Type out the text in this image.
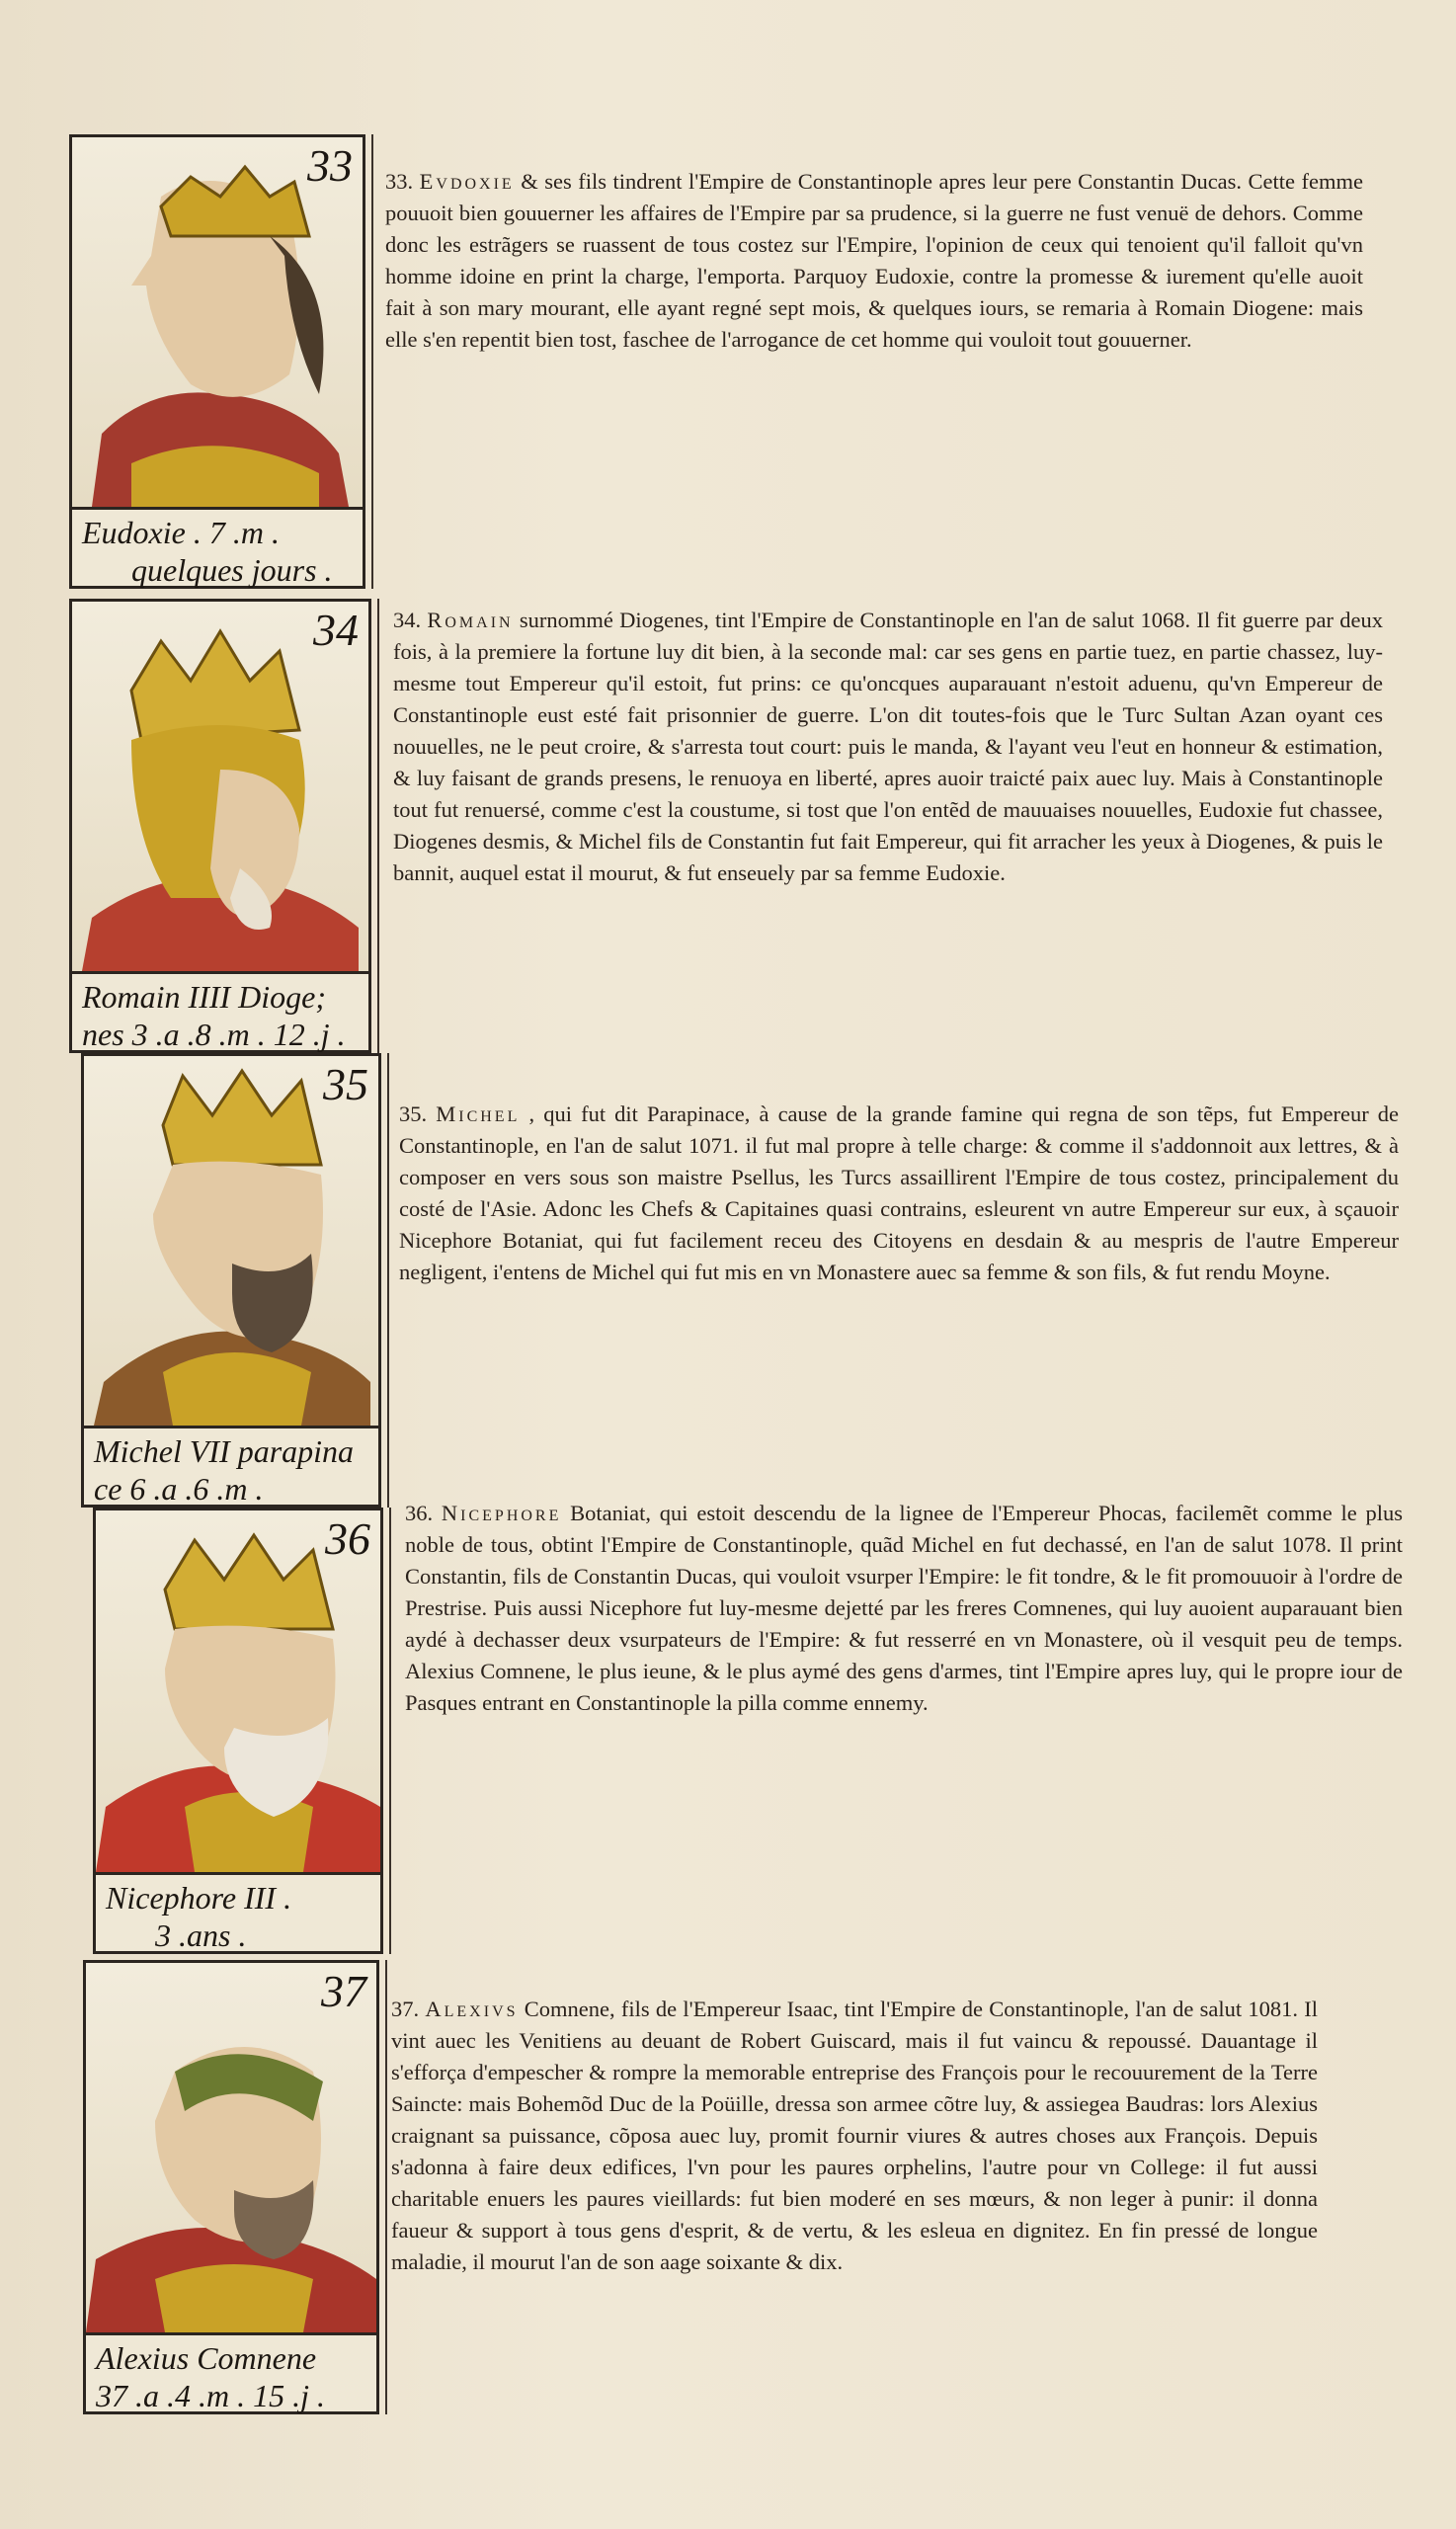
33
Eudoxie . 7 .m .
quelques jours .
33. Evdoxie & ses fils tindrent l'Empire de Constantinople apres leur pere Constantin Ducas. Cette femme pouuoit bien gouuerner les affaires de l'Empire par sa prudence, si la guerre ne fust venuë de dehors. Comme donc les estrãgers se ruassent de tous costez sur l'Empire, l'opinion de ceux qui tenoient qu'il falloit qu'vn homme idoine en print la charge, l'emporta. Parquoy Eudoxie, contre la promesse & iurement qu'elle auoit fait à son mary mourant, elle ayant regné sept mois, & quelques iours, se remaria à Romain Diogene: mais elle s'en repentit bien tost, faschee de l'arrogance de cet homme qui vouloit tout gouuerner.
34
Romain IIII Dioge;
nes 3 .a .8 .m . 12 .j .
34. Romain surnommé Diogenes, tint l'Empire de Constantinople en l'an de salut 1068. Il fit guerre par deux fois, à la premiere la fortune luy dit bien, à la seconde mal: car ses gens en partie tuez, en partie chassez, luy-mesme tout Empereur qu'il estoit, fut prins: ce qu'oncques auparauant n'estoit aduenu, qu'vn Empereur de Constantinople eust esté fait prisonnier de guerre. L'on dit toutes-fois que le Turc Sultan Azan oyant ces nouuelles, ne le peut croire, & s'arresta tout court: puis le manda, & l'ayant veu l'eut en honneur & estimation, & luy faisant de grands presens, le renuoya en liberté, apres auoir traicté paix auec luy. Mais à Constantinople tout fut renuersé, comme c'est la coustume, si tost que l'on entẽd de mauuaises nouuelles, Eudoxie fut chassee, Diogenes desmis, & Michel fils de Constantin fut fait Empereur, qui fit arracher les yeux à Diogenes, & puis le bannit, auquel estat il mourut, & fut enseuely par sa femme Eudoxie.
35
Michel VII parapina
ce 6 .a .6 .m .
35. Michel , qui fut dit Parapinace, à cause de la grande famine qui regna de son tẽps, fut Empereur de Constantinople, en l'an de salut 1071. il fut mal propre à telle charge: & comme il s'addonnoit aux lettres, & à composer en vers sous son maistre Psellus, les Turcs assaillirent l'Empire de tous costez, principalement du costé de l'Asie. Adonc les Chefs & Capitaines quasi contrains, esleurent vn autre Empereur sur eux, à sçauoir Nicephore Botaniat, qui fut facilement receu des Citoyens en desdain & au mespris de l'autre Empereur negligent, i'entens de Michel qui fut mis en vn Monastere auec sa femme & son fils, & fut rendu Moyne.
36
Nicephore III .
3 .ans .
36. Nicephore Botaniat, qui estoit descendu de la lignee de l'Empereur Phocas, facilemẽt comme le plus noble de tous, obtint l'Empire de Constantinople, quãd Michel en fut dechassé, en l'an de salut 1078. Il print Constantin, fils de Constantin Ducas, qui vouloit vsurper l'Empire: le fit tondre, & le fit promouuoir à l'ordre de Prestrise. Puis aussi Nicephore fut luy-mesme dejetté par les freres Comnenes, qui luy auoient auparauant bien aydé à dechasser deux vsurpateurs de l'Empire: & fut resserré en vn Monastere, où il vesquit peu de temps. Alexius Comnene, le plus ieune, & le plus aymé des gens d'armes, tint l'Empire apres luy, qui le propre iour de Pasques entrant en Constantinople la pilla comme ennemy.
37
Alexius Comnene
37 .a .4 .m . 15 .j .
37. Alexivs Comnene, fils de l'Empereur Isaac, tint l'Empire de Constantinople, l'an de salut 1081. Il vint auec les Venitiens au deuant de Robert Guiscard, mais il fut vaincu & repoussé. Dauantage il s'efforça d'empescher & rompre la memorable entreprise des François pour le recouurement de la Terre Saincte: mais Bohemõd Duc de la Poüille, dressa son armee cõtre luy, & assiegea Baudras: lors Alexius craignant sa puissance, cõposa auec luy, promit fournir viures & autres choses aux François. Depuis s'adonna à faire deux edifices, l'vn pour les paures orphelins, l'autre pour vn College: il fut aussi charitable enuers les paures vieillards: fut bien moderé en ses mœurs, & non leger à punir: il donna faueur & support à tous gens d'esprit, & de vertu, & les esleua en dignitez. En fin pressé de longue maladie, il mourut l'an de son aage soixante & dix.
